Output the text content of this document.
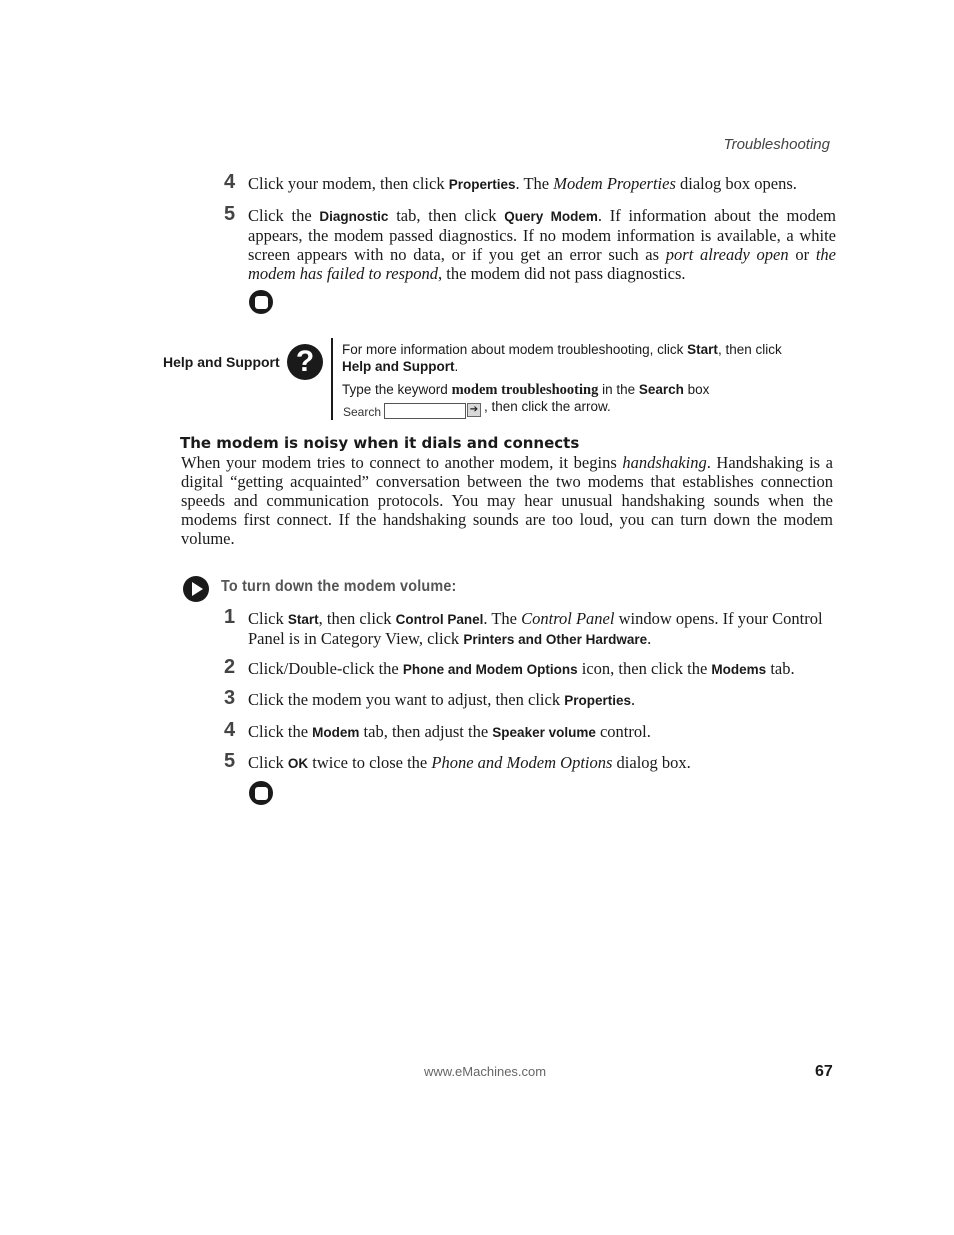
Troubleshooting
4 Click your modem, then click Properties. The Modem Properties dialog box opens.

5 Click the Diagnostic tab, then click Query Modem. If information about the modem appears, the modem passed diagnostics. If no modem information is available, a white screen appears with no data, or if you get an error such as port already open or the modem has failed to respond, the modem did not pass diagnostics.

Help and Support ?	For more information about modem troubleshooting, click Start, then click Help and Support.
Type the keyword modem troubleshooting in the Search box
Search	➔ , then click the arrow.
The modem is noisy when it dials and connects

When your modem tries to connect to another modem, it begins handshaking. Handshaking is a digital “getting acquainted” conversation between the two modems that establishes connection speeds and communication protocols. You may hear unusual handshaking sounds when the modems first connect. If the handshaking sounds are too loud, you can turn down the modem volume.

To turn down the modem volume:
1 Click Start, then click Control Panel. The Control Panel window opens. If your Control Panel is in Category View, click Printers and Other Hardware.

2 Click/Double-click the Phone and Modem Options icon, then click the Modems tab.

3 Click the modem you want to adjust, then click Properties.

4 Click the Modem tab, then adjust the Speaker volume control.

5 Click OK twice to close the Phone and Modem Options dialog box.

www.eMachines.com	67
